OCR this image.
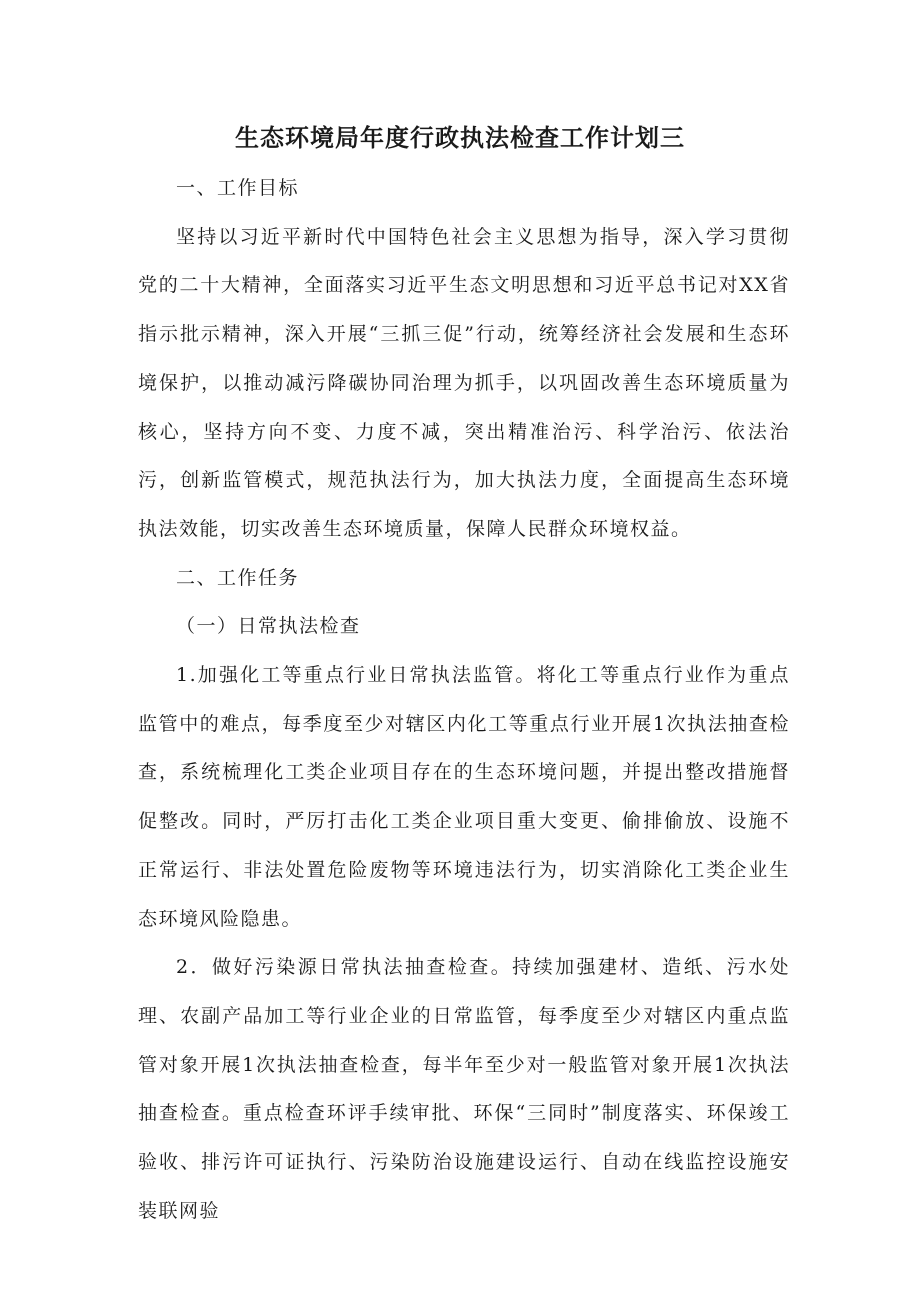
生态环境局年度行政执法检查工作计划三

一、工作目标

坚持以习近平新时代中国特色社会主义思想为指导，深入学习贯彻党的二十大精神，全面落实习近平生态文明思想和习近平总书记对XX省指示批示精神，深入开展“三抓三促”行动，统筹经济社会发展和生态环境保护，以推动减污降碳协同治理为抓手，以巩固改善生态环境质量为核心，坚持方向不变、力度不减，突出精准治污、科学治污、依法治污，创新监管模式，规范执法行为，加大执法力度，全面提高生态环境执法效能，切实改善生态环境质量，保障人民群众环境权益。

二、工作任务

（一）日常执法检查

1.加强化工等重点行业日常执法监管。将化工等重点行业作为重点监管中的难点，每季度至少对辖区内化工等重点行业开展1次执法抽查检查，系统梳理化工类企业项目存在的生态环境问题，并提出整改措施督促整改。同时，严厉打击化工类企业项目重大变更、偷排偷放、设施不正常运行、非法处置危险废物等环境违法行为，切实消除化工类企业生态环境风险隐患。

2．做好污染源日常执法抽查检查。持续加强建材、造纸、污水处理、农副产品加工等行业企业的日常监管，每季度至少对辖区内重点监管对象开展1次执法抽查检查，每半年至少对一般监管对象开展1次执法抽查检查。重点检查环评手续审批、环保“三同时”制度落实、环保竣工验收、排污许可证执行、污染防治设施建设运行、自动在线监控设施安装联网验
